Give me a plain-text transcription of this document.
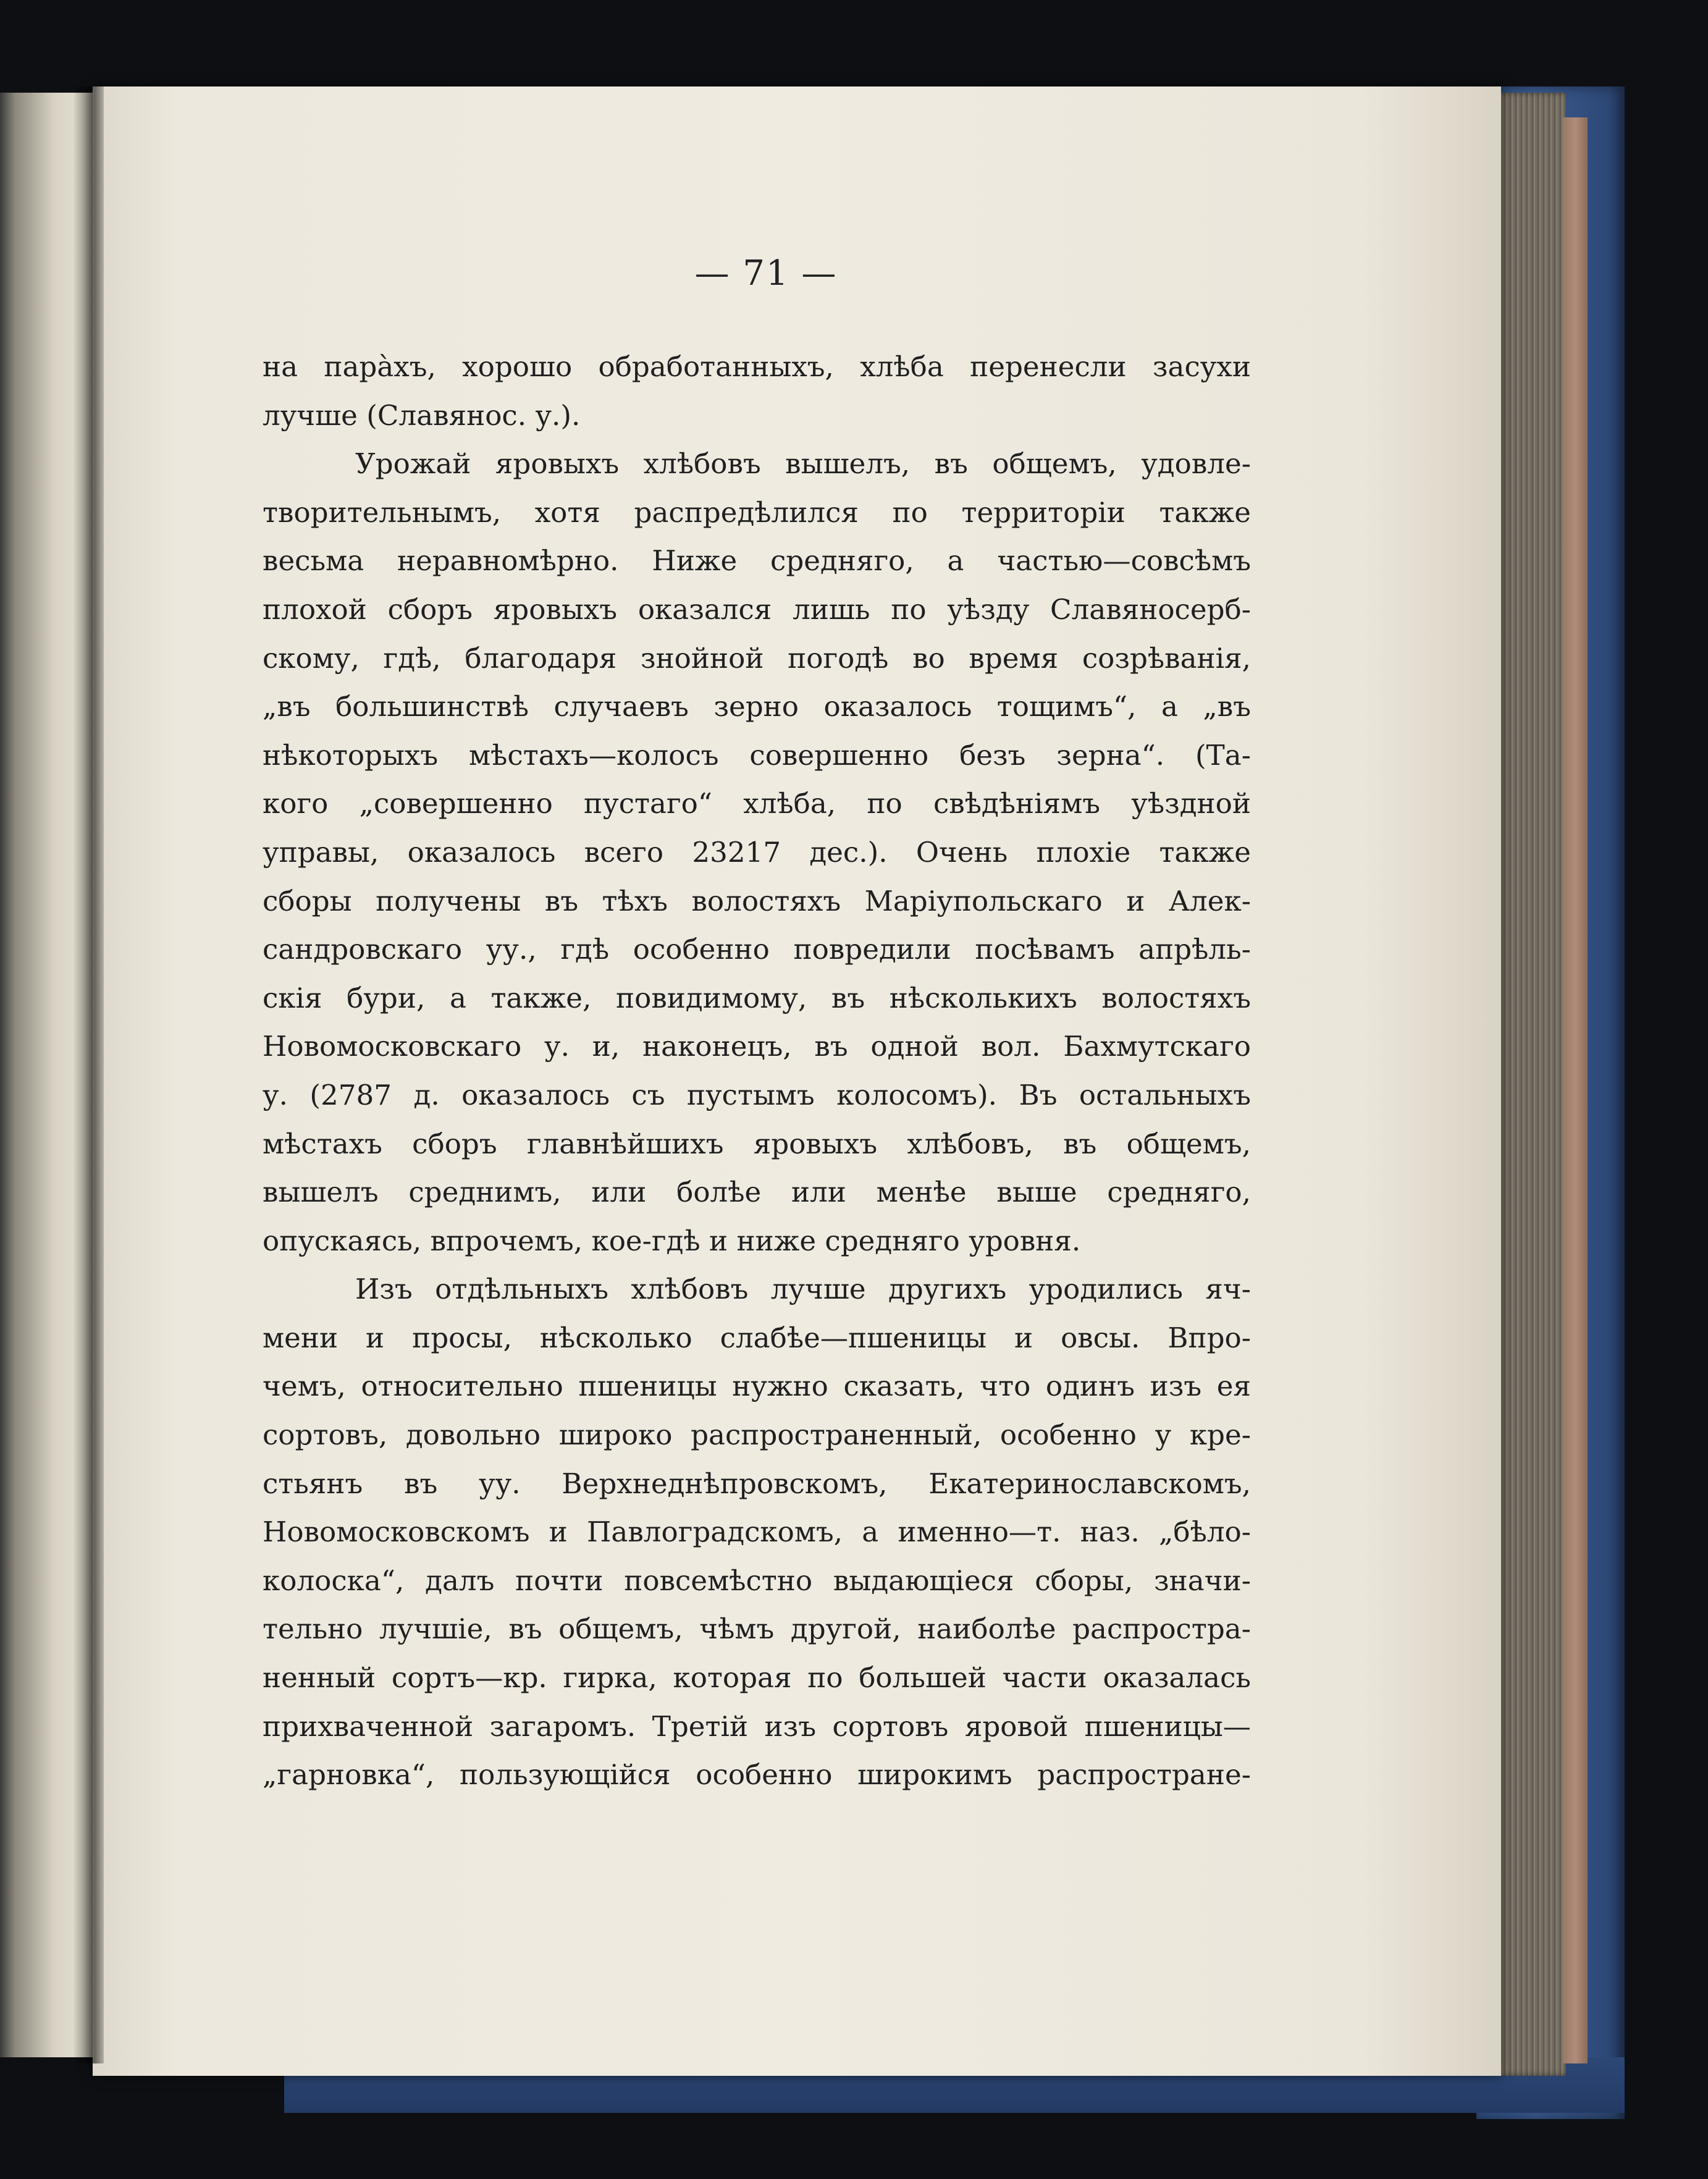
— 71 —
на парàхъ, хорошо обработанныхъ, хлѣба перенесли засухи
лучше (Славянос. у.).
Урожай яровыхъ хлѣбовъ вышелъ, въ общемъ, удовле-
творительнымъ, хотя распредѣлился по территоріи также
весьма неравномѣрно. Ниже средняго, а частью—совсѣмъ
плохой сборъ яровыхъ оказался лишь по уѣзду Славяносерб-
скому, гдѣ, благодаря знойной погодѣ во время созрѣванія,
„въ большинствѣ случаевъ зерно оказалось тощимъ“, а „въ
нѣкоторыхъ мѣстахъ—колосъ совершенно безъ зерна“. (Та-
кого „совершенно пустаго“ хлѣба, по свѣдѣніямъ уѣздной
управы, оказалось всего 23217 дес.). Очень плохіе также
сборы получены въ тѣхъ волостяхъ Маріупольскаго и Алек-
сандровскаго уу., гдѣ особенно повредили посѣвамъ апрѣль-
скія бури, а также, повидимому, въ нѣсколькихъ волостяхъ
Новомосковскаго у. и, наконецъ, въ одной вол. Бахмутскаго
у. (2787 д. оказалось съ пустымъ колосомъ). Въ остальныхъ
мѣстахъ сборъ главнѣйшихъ яровыхъ хлѣбовъ, въ общемъ,
вышелъ среднимъ, или болѣе или менѣе выше средняго,
опускаясь, впрочемъ, кое-гдѣ и ниже средняго уровня.
Изъ отдѣльныхъ хлѣбовъ лучше другихъ уродились яч-
мени и просы, нѣсколько слабѣе—пшеницы и овсы. Впро-
чемъ, относительно пшеницы нужно сказать, что одинъ изъ ея
сортовъ, довольно широко распространенный, особенно у кре-
стьянъ въ уу. Верхнеднѣпровскомъ, Екатеринославскомъ,
Новомосковскомъ и Павлоградскомъ, а именно—т. наз. „бѣло-
колоска“, далъ почти повсемѣстно выдающіеся сборы, значи-
тельно лучшіе, въ общемъ, чѣмъ другой, наиболѣе распростра-
ненный сортъ—кр. гирка, которая по большей части оказалась
прихваченной загаромъ. Третій изъ сортовъ яровой пшеницы—
„гарновка“, пользующійся особенно широкимъ распростране-
